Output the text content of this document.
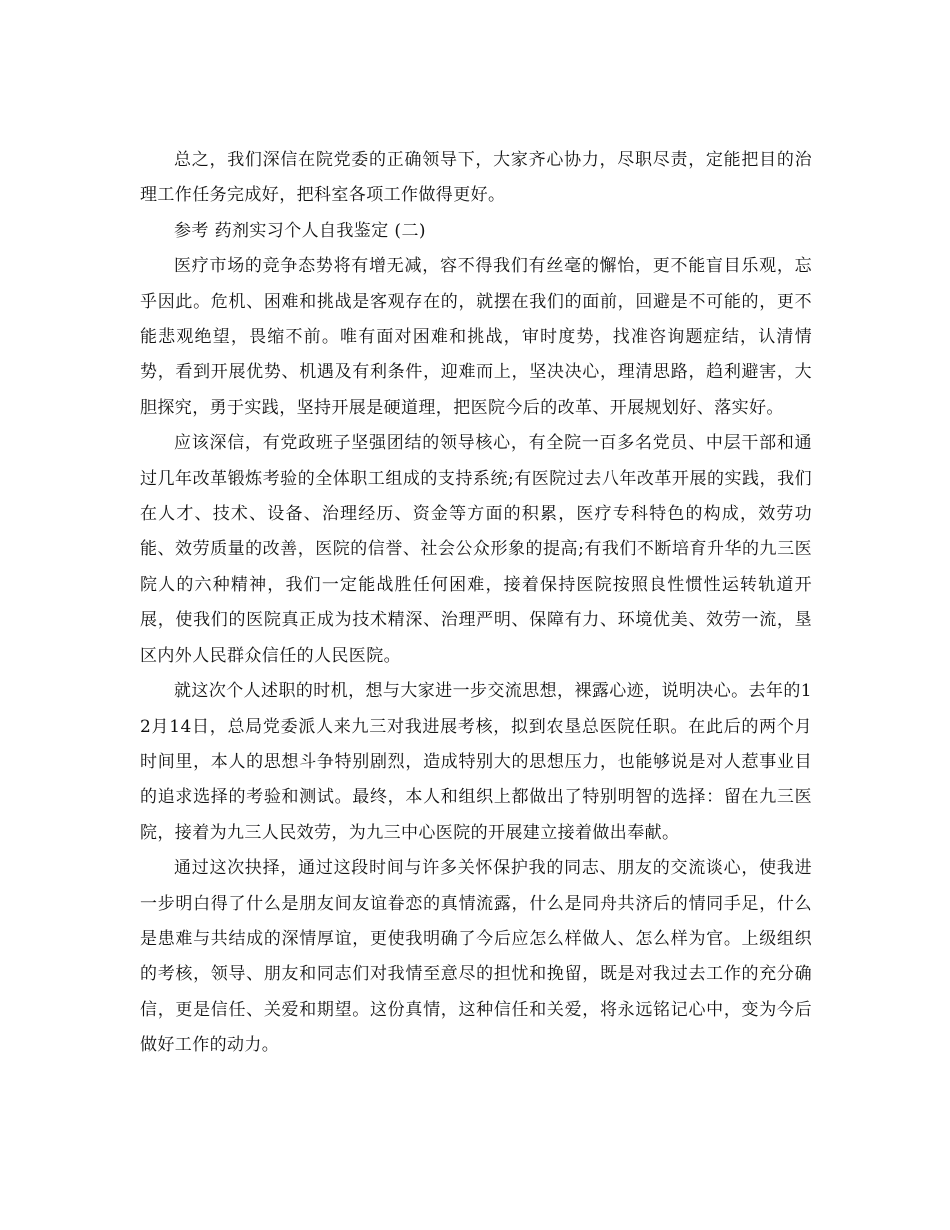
总之，我们深信在院党委的正确领导下，大家齐心协力，尽职尽责，定能把目的治理工作任务完成好，把科室各项工作做得更好。

参考 药剂实习个人自我鉴定 (二)

医疗市场的竞争态势将有增无减，容不得我们有丝毫的懈怡，更不能盲目乐观，忘乎因此。危机、困难和挑战是客观存在的，就摆在我们的面前，回避是不可能的，更不能悲观绝望，畏缩不前。唯有面对困难和挑战，审时度势，找准咨询题症结，认清情势，看到开展优势、机遇及有利条件，迎难而上，坚决决心，理清思路，趋利避害，大胆探究，勇于实践，坚持开展是硬道理，把医院今后的改革、开展规划好、落实好。

应该深信，有党政班子坚强团结的领导核心，有全院一百多名党员、中层干部和通过几年改革锻炼考验的全体职工组成的支持系统;有医院过去八年改革开展的实践，我们在人才、技术、设备、治理经历、资金等方面的积累，医疗专科特色的构成，效劳功能、效劳质量的改善，医院的信誉、社会公众形象的提高;有我们不断培育升华的九三医院人的六种精神，我们一定能战胜任何困难，接着保持医院按照良性惯性运转轨道开展，使我们的医院真正成为技术精深、治理严明、保障有力、环境优美、效劳一流，垦区内外人民群众信任的人民医院。

就这次个人述职的时机，想与大家进一步交流思想，裸露心迹，说明决心。去年的12月14日，总局党委派人来九三对我进展考核，拟到农垦总医院任职。在此后的两个月时间里，本人的思想斗争特别剧烈，造成特别大的思想压力，也能够说是对人惹事业目的追求选择的考验和测试。最终，本人和组织上都做出了特别明智的选择：留在九三医院，接着为九三人民效劳，为九三中心医院的开展建立接着做出奉献。

通过这次抉择，通过这段时间与许多关怀保护我的同志、朋友的交流谈心，使我进一步明白得了什么是朋友间友谊眷恋的真情流露，什么是同舟共济后的情同手足，什么是患难与共结成的深情厚谊，更使我明确了今后应怎么样做人、怎么样为官。上级组织的考核，领导、朋友和同志们对我情至意尽的担忧和挽留，既是对我过去工作的充分确信，更是信任、关爱和期望。这份真情，这种信任和关爱，将永远铭记心中，变为今后做好工作的动力。
